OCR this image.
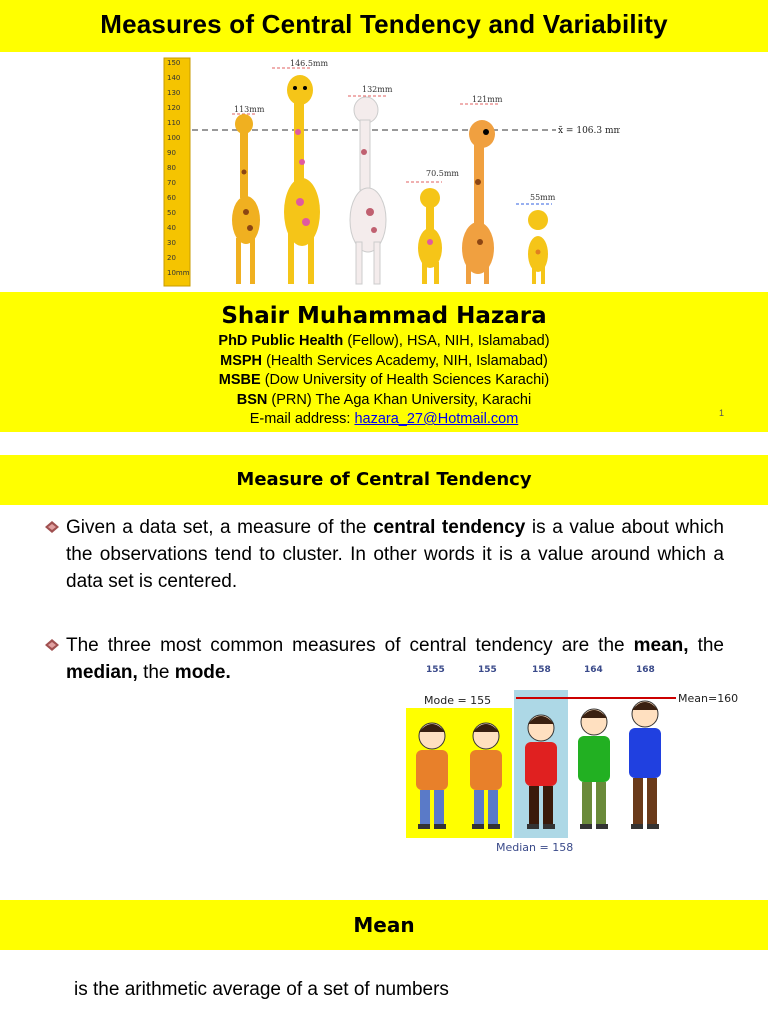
Measures of Central Tendency and Variability
150
140
130
120
110
100
90
80
70
60
50
40
30
20
10mm
x̄ = 106.3 mm
113mm
146.5mm
132mm
70.5mm
121mm
55mm
Shair Muhammad Hazara
PhD Public Health (Fellow), HSA, NIH, Islamabad)
MSPH (Health Services Academy, NIH, Islamabad)
MSBE (Dow University of Health Sciences Karachi)
BSN (PRN) The Aga Khan University, Karachi
E-mail address: hazara_27@Hotmail.com	1
Measure of Central Tendency

Given a data set, a measure of the central tendency is a value about which the observations tend to cluster. In other words it is a value around which a data set is centered.

The three most common measures of central tendency are the mean, the median, the mode.	155	155	158	164	168
Mode = 155	Mean=160
Median = 158
Mean
is the arithmetic average of a set of numbers
